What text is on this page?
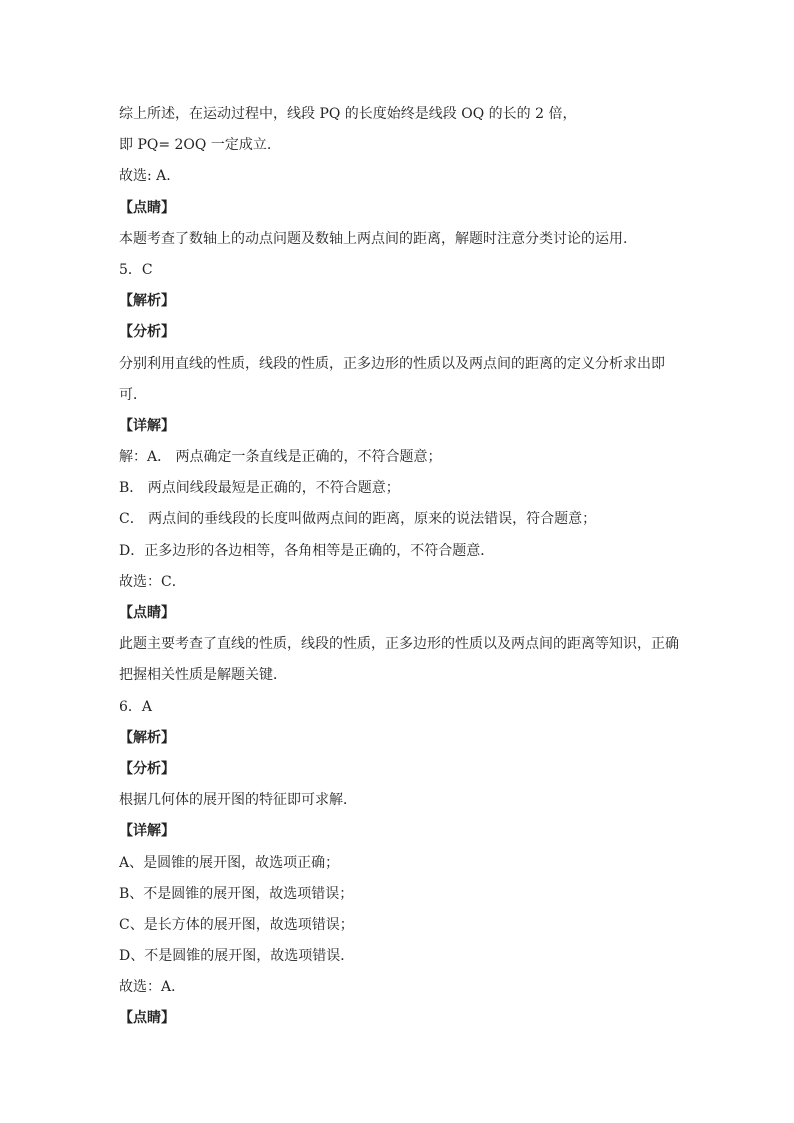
综上所述，在运动过程中，线段 PQ 的长度始终是线段 OQ 的长的 2 倍，
即 PQ= 2OQ 一定成立.
故选: A.
【点睛】
本题考查了数轴上的动点问题及数轴上两点间的距离，解题时注意分类讨论的运用.
5．C
【解析】
【分析】
分别利用直线的性质，线段的性质，正多边形的性质以及两点间的距离的定义分析求出即
可．
【详解】
解：A． 两点确定一条直线是正确的，不符合题意；
B． 两点间线段最短是正确的，不符合题意；
C． 两点间的垂线段的长度叫做两点间的距离，原来的说法错误，符合题意；
D．正多边形的各边相等，各角相等是正确的，不符合题意．
故选：C．
【点睛】
此题主要考查了直线的性质，线段的性质，正多边形的性质以及两点间的距离等知识，正确
把握相关性质是解题关键．
6．A
【解析】
【分析】
根据几何体的展开图的特征即可求解．
【详解】
A、是圆锥的展开图，故选项正确；
B、不是圆锥的展开图，故选项错误；
C、是长方体的展开图，故选项错误；
D、不是圆锥的展开图，故选项错误．
故选：A．
【点睛】
